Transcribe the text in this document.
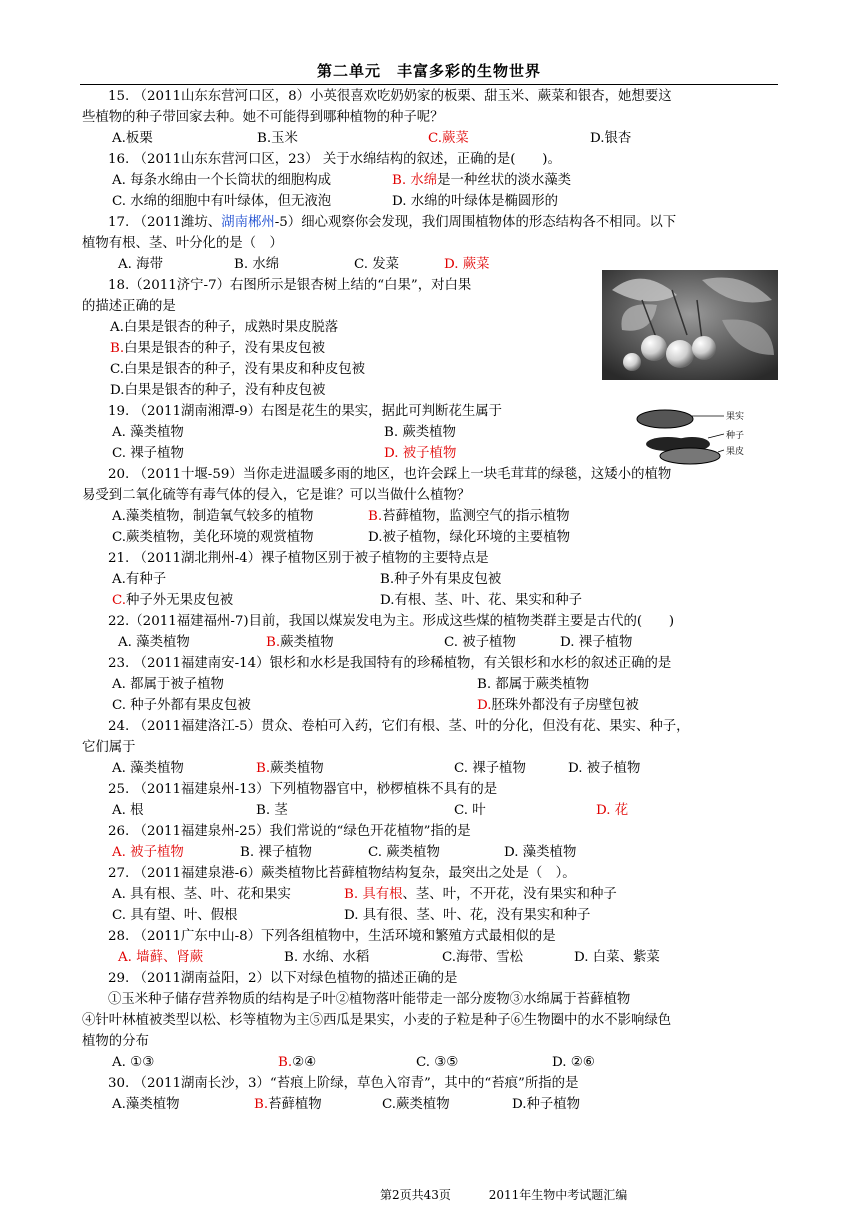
第二单元　丰富多彩的生物世界
果实
种子
果皮
15. （2011山东东营河口区，8）小英很喜欢吃奶奶家的板栗、甜玉米、蕨菜和银杏，她想要这
些植物的种子带回家去种。她不可能得到哪种植物的种子呢？
A.板栗	B.玉米	C.蕨菜	D.银杏
16. （2011山东东营河口区，23） 关于水绵结构的叙述，正确的是(　　)。
A. 每条水绵由一个长筒状的细胞构成	B. 水绵是一种丝状的淡水藻类
C. 水绵的细胞中有叶绿体，但无液泡	D. 水绵的叶绿体是椭圆形的
17. （2011潍坊、湖南郴州-5）细心观察你会发现，我们周围植物体的形态结构各不相同。以下
植物有根、茎、叶分化的是（　）
A. 海带	B. 水绵	C. 发菜	D. 蕨菜
18.（2011济宁-7）右图所示是银杏树上结的“白果”，对白果
的描述正确的是
A.白果是银杏的种子，成熟时果皮脱落
B.白果是银杏的种子，没有果皮包被
C.白果是银杏的种子，没有果皮和种皮包被
D.白果是银杏的种子，没有种皮包被
19. （2011湖南湘潭-9）右图是花生的果实，据此可判断花生属于
A. 藻类植物	B. 蕨类植物
C. 裸子植物	D. 被子植物
20. （2011十堰-59）当你走进温暖多雨的地区，也许会踩上一块毛茸茸的绿毯，这矮小的植物
易受到二氧化硫等有毒气体的侵入，它是谁？可以当做什么植物？
A.藻类植物，制造氧气较多的植物	B.苔藓植物，监测空气的指示植物
C.蕨类植物，美化环境的观赏植物	D.被子植物，绿化环境的主要植物
21. （2011湖北荆州-4）裸子植物区别于被子植物的主要特点是
A.有种子	B.种子外有果皮包被
C.种子外无果皮包被	D.有根、茎、叶、花、果实和种子
22.（2011福建福州-7)目前，我国以煤炭发电为主。形成这些煤的植物类群主要是古代的(　　)
A. 藻类植物	B.蕨类植物	C. 被子植物	D. 裸子植物
23. （2011福建南安-14）银杉和水杉是我国特有的珍稀植物，有关银杉和水杉的叙述正确的是
A. 都属于被子植物	B. 都属于蕨类植物
C. 种子外都有果皮包被	D.胚珠外都没有子房壁包被
24. （2011福建洛江-5）贯众、卷柏可入药，它们有根、茎、叶的分化，但没有花、果实、种子，
它们属于
A. 藻类植物	B.蕨类植物	C. 裸子植物	D. 被子植物
25. （2011福建泉州-13）下列植物器官中，桫椤植株不具有的是
A. 根	B. 茎	C. 叶	D. 花
26. （2011福建泉州-25）我们常说的“绿色开花植物”指的是
A. 被子植物	B. 裸子植物	C. 蕨类植物	D. 藻类植物
27. （2011福建泉港-6）蕨类植物比苔藓植物结构复杂，最突出之处是（　）。
A. 具有根、茎、叶、花和果实	B. 具有根、茎、叶，不开花，没有果实和种子
C. 具有望、叶、假根	D. 具有很、茎、叶、花，没有果实和种子
28. （2011广东中山-8）下列各组植物中，生活环境和繁殖方式最相似的是
A. 墙藓、肾蕨	B. 水绵、水稻	C.海带、雪松	D. 白菜、紫菜
29. （2011湖南益阳，2）以下对绿色植物的描述正确的是
①玉米种子储存营养物质的结构是子叶②植物落叶能带走一部分废物③水绵属于苔藓植物
④针叶林植被类型以松、杉等植物为主⑤西瓜是果实，小麦的子粒是种子⑥生物圈中的水不影响绿色
植物的分布
A. ①③	B.②④	C. ③⑤	D. ②⑥
30. （2011湖南长沙，3）“苔痕上阶绿，草色入帘青”，其中的“苔痕”所指的是
A.藻类植物	B.苔藓植物	C.蕨类植物	D.种子植物
第2页共43页	2011年生物中考试题汇编
